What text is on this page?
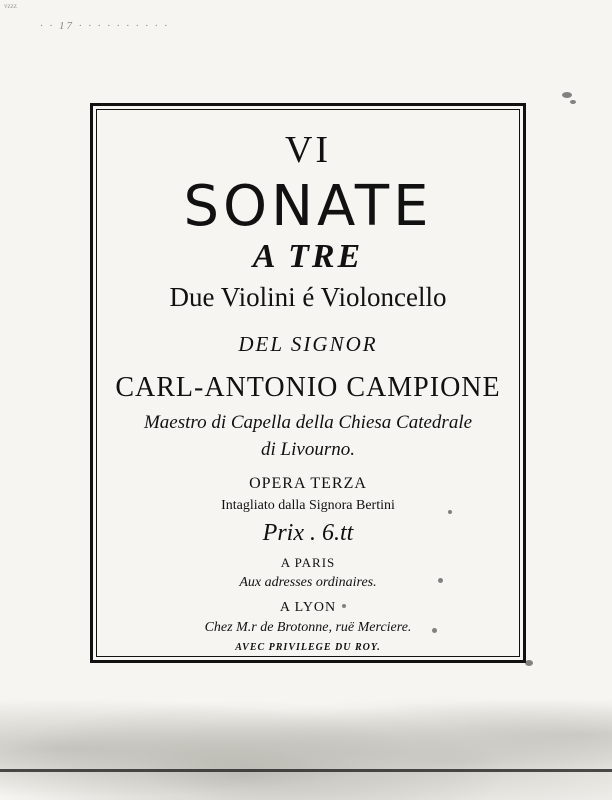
vzzz
· · 17 · · · · · · · · · ·
VI
SONATE
A TRE
Due Violini é Violoncello
DEL SIGNOR
CARL-ANTONIO CAMPIONE
Maestro di Capella della Chiesa Catedrale
di Livourno.
OPERA TERZA
Intagliato dalla Signora Bertini
Prix . 6.tt
A PARIS
Aux adresses ordinaires.
A LYON
Chez M.r de Brotonne, ruë Merciere.
AVEC PRIVILEGE DU ROY.
